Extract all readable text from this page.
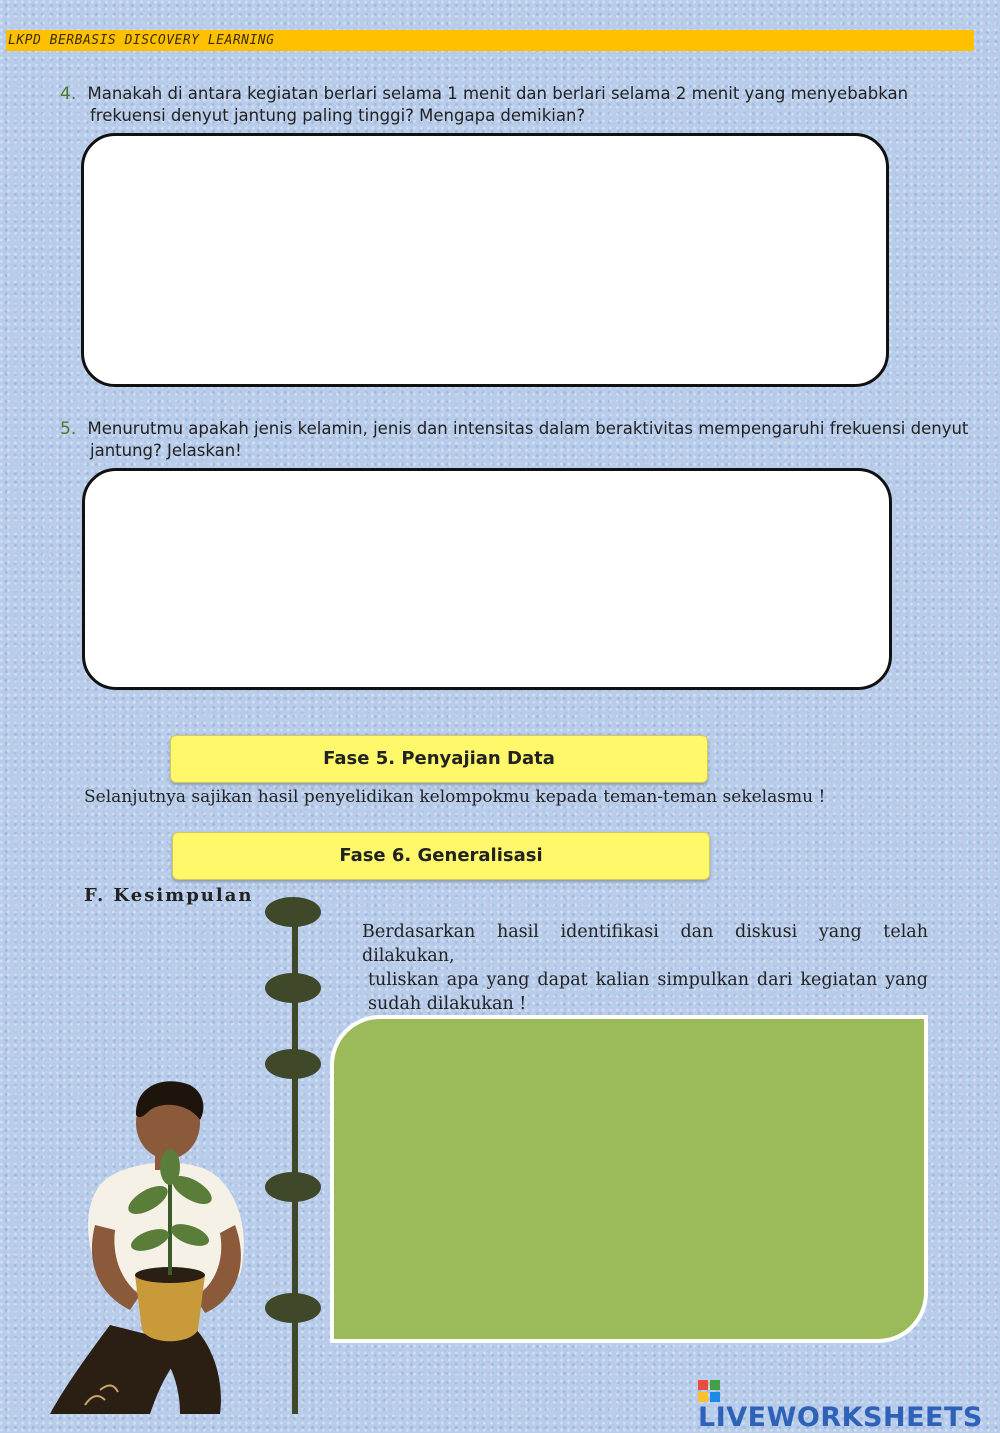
LKPD BERBASIS DISCOVERY LEARNING
4. Manakah di antara kegiatan berlari selama 1 menit dan berlari selama 2 menit yang menyebabkan
frekuensi denyut jantung paling tinggi? Mengapa demikian?
5. Menurutmu apakah jenis kelamin, jenis dan intensitas dalam beraktivitas mempengaruhi frekuensi denyut
jantung? Jelaskan!
Fase 5. Penyajian Data
Selanjutnya sajikan hasil penyelidikan kelompokmu kepada teman-teman sekelasmu !
Fase 6. Generalisasi
F. Kesimpulan
Berdasarkan hasil identifikasi dan diskusi yang telah dilakukan,
tuliskan apa yang dapat kalian simpulkan dari kegiatan yang
sudah dilakukan !
LIVEWORKSHEETS
